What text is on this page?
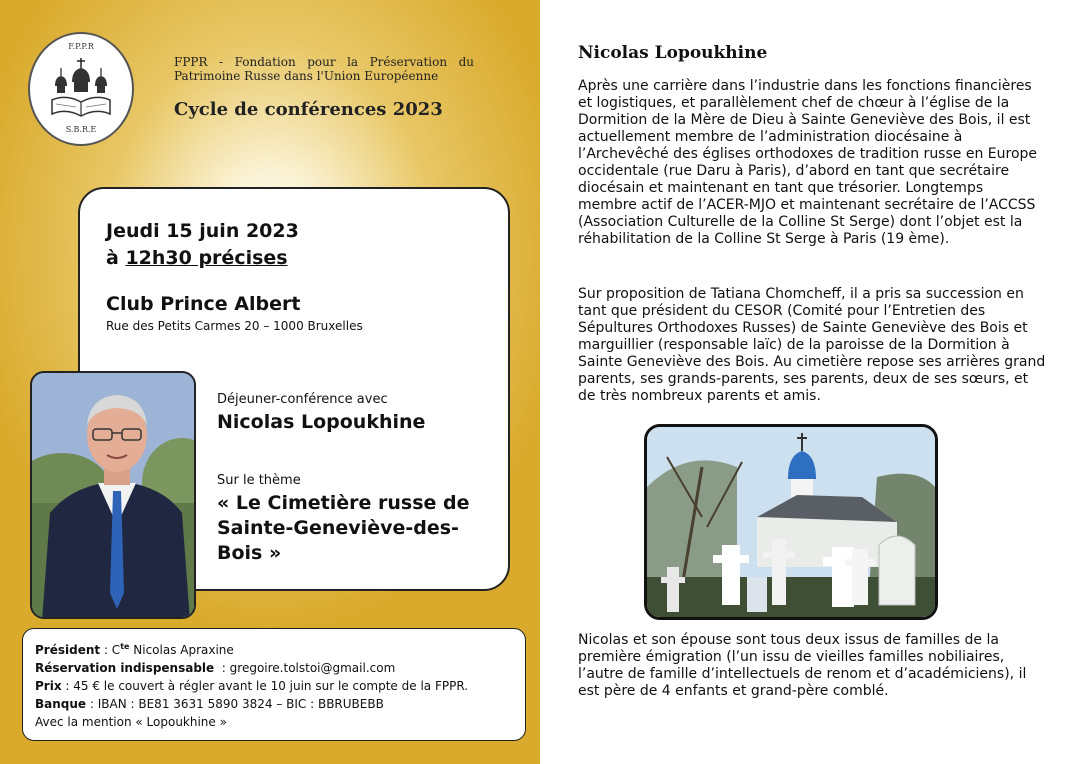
F.P.P.R
S.B.R.E
FPPR - Fondation pour la Préservation du Patrimoine Russe dans l'Union Européenne
Cycle de conférences 2023
Jeudi 15 juin 2023
à 12h30 précises
Club Prince Albert
Rue des Petits Carmes 20 – 1000 Bruxelles
Déjeuner-conférence avec
Nicolas Lopoukhine
Sur le thème
« Le Cimetière russe de Sainte-Geneviève-des-Bois »
Président : $C^{te}$ Nicolas Apraxine
Réservation indispensable  : gregoire.tolstoi@gmail.com
Prix : 45 € le couvert à régler avant le 10 juin sur le compte de la FPPR.
Banque : IBAN : BE81 3631 5890 3824 – BIC : BBRUBEBB
Avec la mention « Lopoukhine »
Nicolas Lopoukhine

Après une carrière dans l’industrie dans les fonctions financières et logistiques, et parallèlement chef de chœur à l’église de la Dormition de la Mère de Dieu à Sainte Geneviève des Bois, il est actuellement membre de l’administration diocésaine à l’Archevêché des églises orthodoxes de tradition russe en Europe occidentale (rue Daru à Paris), d’abord en tant que secrétaire diocésain et maintenant en tant que trésorier. Longtemps membre actif de l’ACER-MJO et maintenant secrétaire de l’ACCSS (Association Culturelle de la Colline St Serge) dont l’objet est la réhabilitation de la Colline St Serge à Paris (19 ème).

Sur proposition de Tatiana Chomcheff, il a pris sa succession en tant que président du CESOR (Comité pour l’Entretien des Sépultures Orthodoxes Russes) de Sainte Geneviève des Bois et marguillier (responsable laïc) de la paroisse de la Dormition à Sainte Geneviève des Bois. Au cimetière repose ses arrières grand parents, ses grands-parents, ses parents, deux de ses sœurs, et de très nombreux parents et amis.

Nicolas et son épouse sont tous deux issus de familles de la première émigration (l’un issu de vieilles familles nobiliaires, l’autre de famille d’intellectuels de renom et d’académiciens), il est père de 4 enfants et grand-père comblé.
